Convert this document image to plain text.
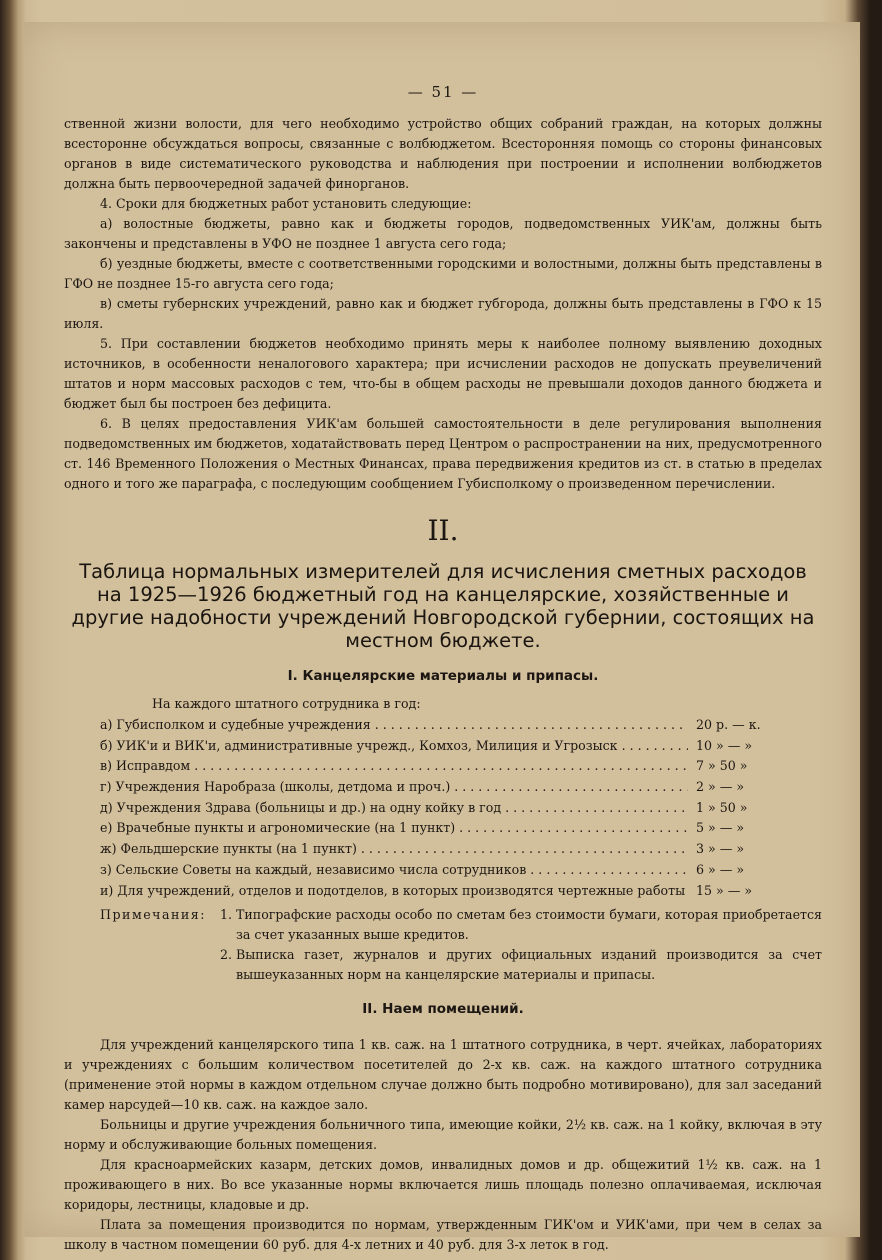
— 51 —

ственной жизни волости, для чего необходимо устройство общих собраний граждан, на которых должны всесторонне обсуждаться вопросы, связанные с волбюджетом. Всесторонняя помощь со стороны финансовых органов в виде систематического руководства и наблюдения при построении и исполнении волбюджетов должна быть первоочередной задачей финорганов.

4. Сроки для бюджетных работ установить следующие:

а) волостные бюджеты, равно как и бюджеты городов, подведомственных УИК'ам, должны быть закончены и представлены в УФО не позднее 1 августа сего года;

б) уездные бюджеты, вместе с соответственными городскими и волостными, должны быть представлены в ГФО не позднее 15-го августа сего года;

в) сметы губернских учреждений, равно как и бюджет губгорода, должны быть представлены в ГФО к 15 июля.

5. При составлении бюджетов необходимо принять меры к наиболее полному выявлению доходных источников, в особенности неналогового характера; при исчислении расходов не допускать преувеличений штатов и норм массовых расходов с тем, что-бы в общем расходы не превышали доходов данного бюджета и бюджет был бы построен без дефицита.

6. В целях предоставления УИК'ам большей самостоятельности в деле регулирования выполнения подведомственных им бюджетов, ходатайствовать перед Центром о распространении на них, предусмотренного ст. 146 Временного Положения о Местных Финансах, права передвижения кредитов из ст. в статью в пределах одного и того же параграфа, с последующим сообщением Губисполкому о произведенном перечислении.

II.
Таблица нормальных измерителей для исчисления сметных расходов на 1925—1926 бюджетный год на канцелярские, хозяйственные и другие надобности учреждений Новгородской губернии, состоящих на местном бюджете.
I. Канцелярские материалы и припасы.
На каждого штатного сотрудника в год:
а) Губисполком и судебные учреждения . . .	20 р. — к.
б) УИК'и и ВИК'и, административные учрежд., Комхоз, Милиция и Угрозыск . . .	10 » — »
в) Исправдом . . .	7 » 50 »
г) Учреждения Наробраза (школы, детдома и проч.) . . .	2 » — »
д) Учреждения Здрава (больницы и др.) на одну койку в год . . .	1 » 50 »
е) Врачебные пункты и агрономические (на 1 пункт) . . .	5 » — »
ж) Фельдшерские пункты (на 1 пункт) . . .	3 » — »
з) Сельские Советы на каждый, независимо числа сотрудников . . .	6 » — »
и) Для учреждений, отделов и подотделов, в которых производятся чертежные работы 15 » — »
Примечания:	1. Типографские расходы особо по сметам без стоимости бумаги, которая приобретается за счет указанных выше кредитов.
2. Выписка газет, журналов и других официальных изданий производится за счет вышеуказанных норм на канцелярские материалы и припасы.
II. Наем помещений.

Для учреждений канцелярского типа 1 кв. саж. на 1 штатного сотрудника, в черт. ячейках, лабораториях и учреждениях с большим количеством посетителей до 2-х кв. саж. на каждого штатного сотрудника (применение этой нормы в каждом отдельном случае должно быть подробно мотивировано), для зал заседаний камер нарсудей—10 кв. саж. на каждое зало.

Больницы и другие учреждения больничного типа, имеющие койки, 2½ кв. саж. на 1 койку, включая в эту норму и обслуживающие больных помещения.

Для красноармейских казарм, детских домов, инвалидных домов и др. общежитий 1½ кв. саж. на 1 проживающего в них. Во все указанные нормы включается лишь площадь полезно оплачиваемая, исключая коридоры, лестницы, кладовые и др.

Плата за помещения производится по нормам, утвержденным ГИК'ом и УИК'ами, при чем в селах за школу в частном помещении 60 руб. для 4-х летних и 40 руб. для 3-х леток в год.
